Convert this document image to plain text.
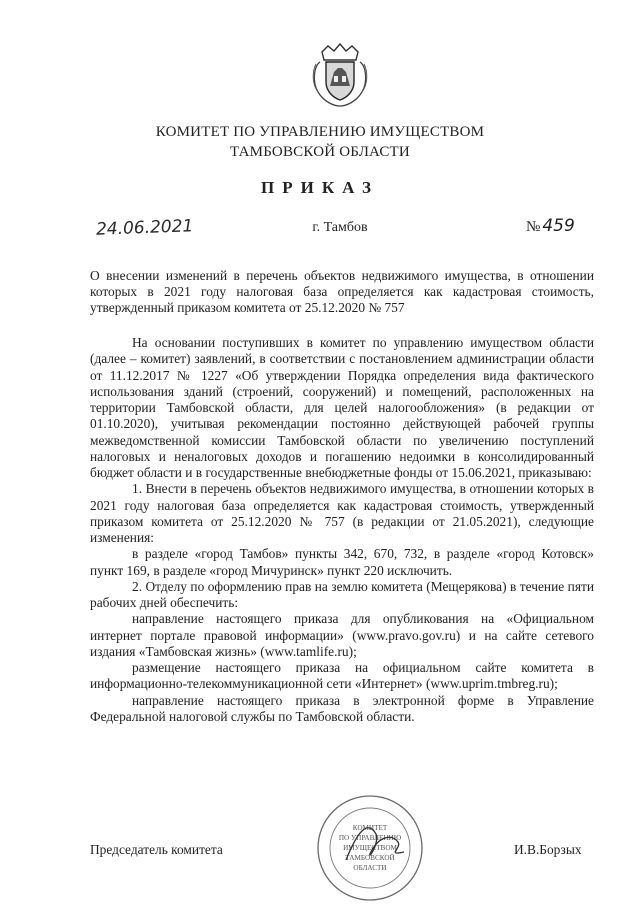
КОМИТЕТ ПО УПРАВЛЕНИЮ ИМУЩЕСТВОМ
ТАМБОВСКОЙ ОБЛАСТИ
ПРИКАЗ
24.06.2021	г. Тамбов	№ 459
О внесении изменений в перечень объектов недвижимого имущества, в отношении которых в 2021 году налоговая база определяется как кадастровая стоимость, утвержденный приказом комитета от 25.12.2020 № 757

На основании поступивших в комитет по управлению имуществом области (далее – комитет) заявлений, в соответствии с постановлением администрации области от 11.12.2017 № 1227 «Об утверждении Порядка определения вида фактического использования зданий (строений, сооружений) и помещений, расположенных на территории Тамбовской области, для целей налогообложения» (в редакции от 01.10.2020), учитывая рекомендации постоянно действующей рабочей группы межведомственной комиссии Тамбовской области по увеличению поступлений налоговых и неналоговых доходов и погашению недоимки в консолидированный бюджет области и в государственные внебюджетные фонды от 15.06.2021, приказываю:

1. Внести в перечень объектов недвижимого имущества, в отношении которых в 2021 году налоговая база определяется как кадастровая стоимость, утвержденный приказом комитета от 25.12.2020 № 757 (в редакции от 21.05.2021), следующие изменения:

в разделе «город Тамбов» пункты 342, 670, 732, в разделе «город Котовск» пункт 169, в разделе «город Мичуринск» пункт 220 исключить.

2. Отделу по оформлению прав на землю комитета (Мещерякова) в течение пяти рабочих дней обеспечить:

направление настоящего приказа для опубликования на «Официальном интернет портале правовой информации» (www.pravo.gov.ru) и на сайте сетевого издания «Тамбовская жизнь» (www.tamlife.ru);

размещение настоящего приказа на официальном сайте комитета в информационно-телекоммуникационной сети «Интернет» (www.uprim.tmbreg.ru);

направление настоящего приказа в электронной форме в Управление Федеральной налоговой службы по Тамбовской области.

КОМИТЕТ
ПО УПРАВЛЕНИЮ
ИМУЩЕСТВОМ
ТАМБОВСКОЙ
ОБЛАСТИ
Председатель комитета	И.В.Борзых
